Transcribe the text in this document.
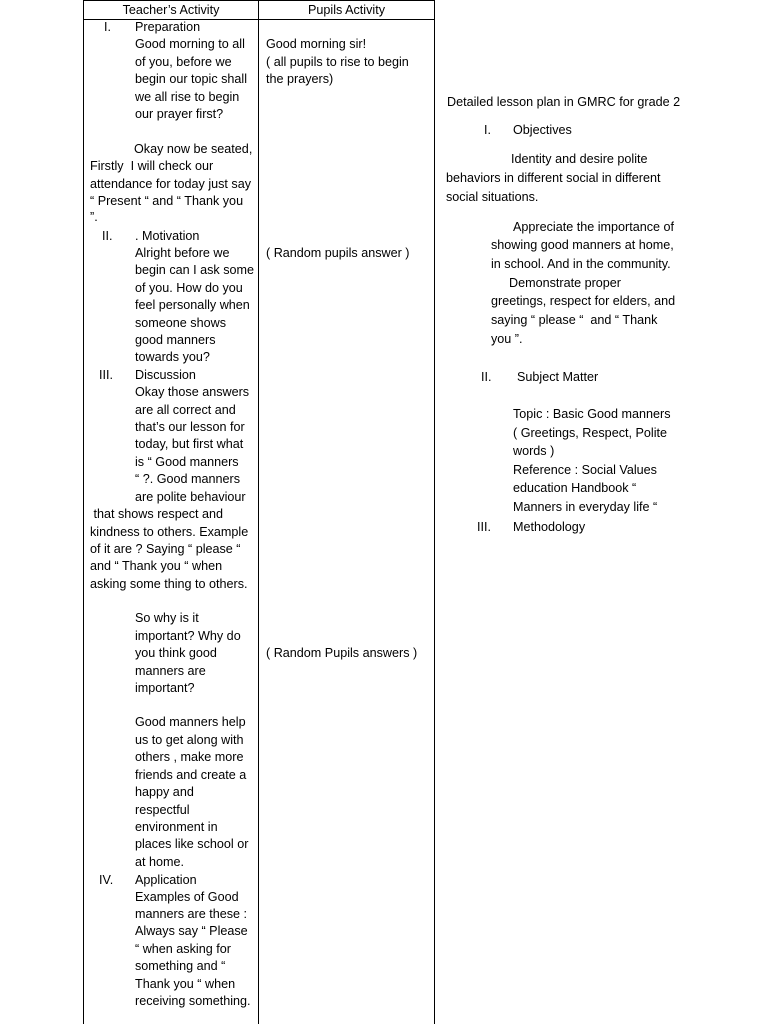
Teacher’s Activity	Pupils Activity
I. Preparation
Good morning to all
of you, before we
begin our topic shall
we all rise to begin
our prayer first?
Okay now be seated,
Firstly  I will check our
attendance for today just say
“ Present “ and “ Thank you
”.
II. . Motivation
Alright before we
begin can I ask some
of you. How do you
feel personally when
someone shows
good manners
towards you?
III. Discussion
Okay those answers
are all correct and
that’s our lesson for
today, but first what
is “ Good manners
“ ?. Good manners
are polite behaviour
that shows respect and
kindness to others. Example
of it are ? Saying “ please “
and “ Thank you “ when
asking some thing to others.
So why is it
important? Why do
you think good
manners are
important?
Good manners help
us to get along with
others , make more
friends and create a
happy and
respectful
environment in
places like school or
at home.
IV. Application
Examples of Good
manners are these :
Always say “ Please
“ when asking for
something and “
Thank you “ when
receiving something.
Good morning sir!
( all pupils to rise to begin
the prayers)
( Random pupils answer )
( Random Pupils answers )
Detailed lesson plan in GMRC for grade 2
I. Objectives
Identity and desire polite
behaviors in different social in different
social situations.
Appreciate the importance of
showing good manners at home,
in school. And in the community.
Demonstrate proper
greetings, respect for elders, and
saying “ please “  and “ Thank
you ”.
II. Subject Matter
Topic : Basic Good manners
( Greetings, Respect, Polite
words )
Reference : Social Values
education Handbook “
Manners in everyday life “
III. Methodology
